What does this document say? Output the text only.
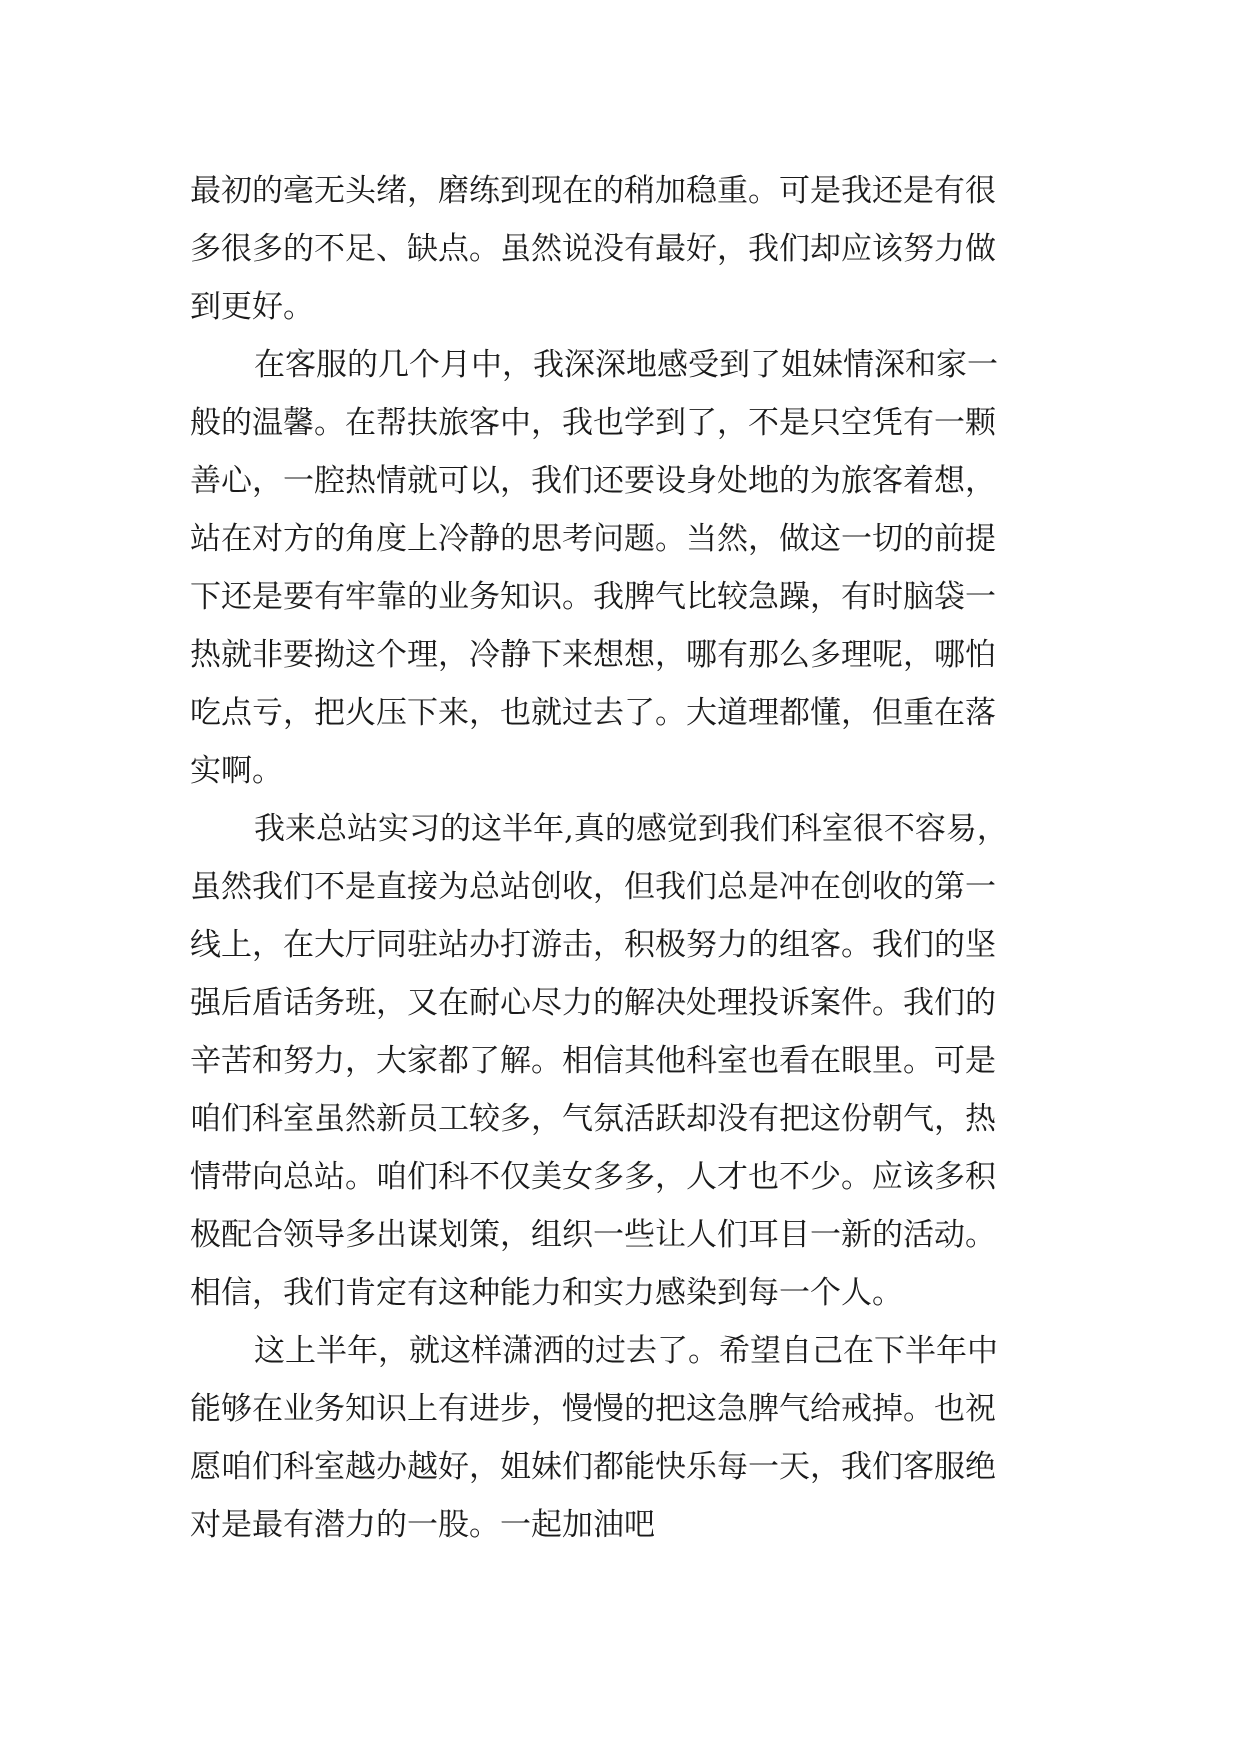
最初的毫无头绪，磨练到现在的稍加稳重。可是我还是有很
多很多的不足、缺点。虽然说没有最好，我们却应该努力做
到更好。
在客服的几个月中，我深深地感受到了姐妹情深和家一
般的温馨。在帮扶旅客中，我也学到了，不是只空凭有一颗
善心，一腔热情就可以，我们还要设身处地的为旅客着想，
站在对方的角度上冷静的思考问题。当然，做这一切的前提
下还是要有牢靠的业务知识。我脾气比较急躁，有时脑袋一
热就非要拗这个理，冷静下来想想，哪有那么多理呢，哪怕
吃点亏，把火压下来，也就过去了。大道理都懂，但重在落
实啊。
我来总站实习的这半年,真的感觉到我们科室很不容易，
虽然我们不是直接为总站创收，但我们总是冲在创收的第一
线上，在大厅同驻站办打游击，积极努力的组客。我们的坚
强后盾话务班，又在耐心尽力的解决处理投诉案件。我们的
辛苦和努力，大家都了解。相信其他科室也看在眼里。可是
咱们科室虽然新员工较多，气氛活跃却没有把这份朝气，热
情带向总站。咱们科不仅美女多多，人才也不少。应该多积
极配合领导多出谋划策，组织一些让人们耳目一新的活动。
相信，我们肯定有这种能力和实力感染到每一个人。
这上半年，就这样潇洒的过去了。希望自己在下半年中
能够在业务知识上有进步，慢慢的把这急脾气给戒掉。也祝
愿咱们科室越办越好，姐妹们都能快乐每一天，我们客服绝
对是最有潜力的一股。一起加油吧
